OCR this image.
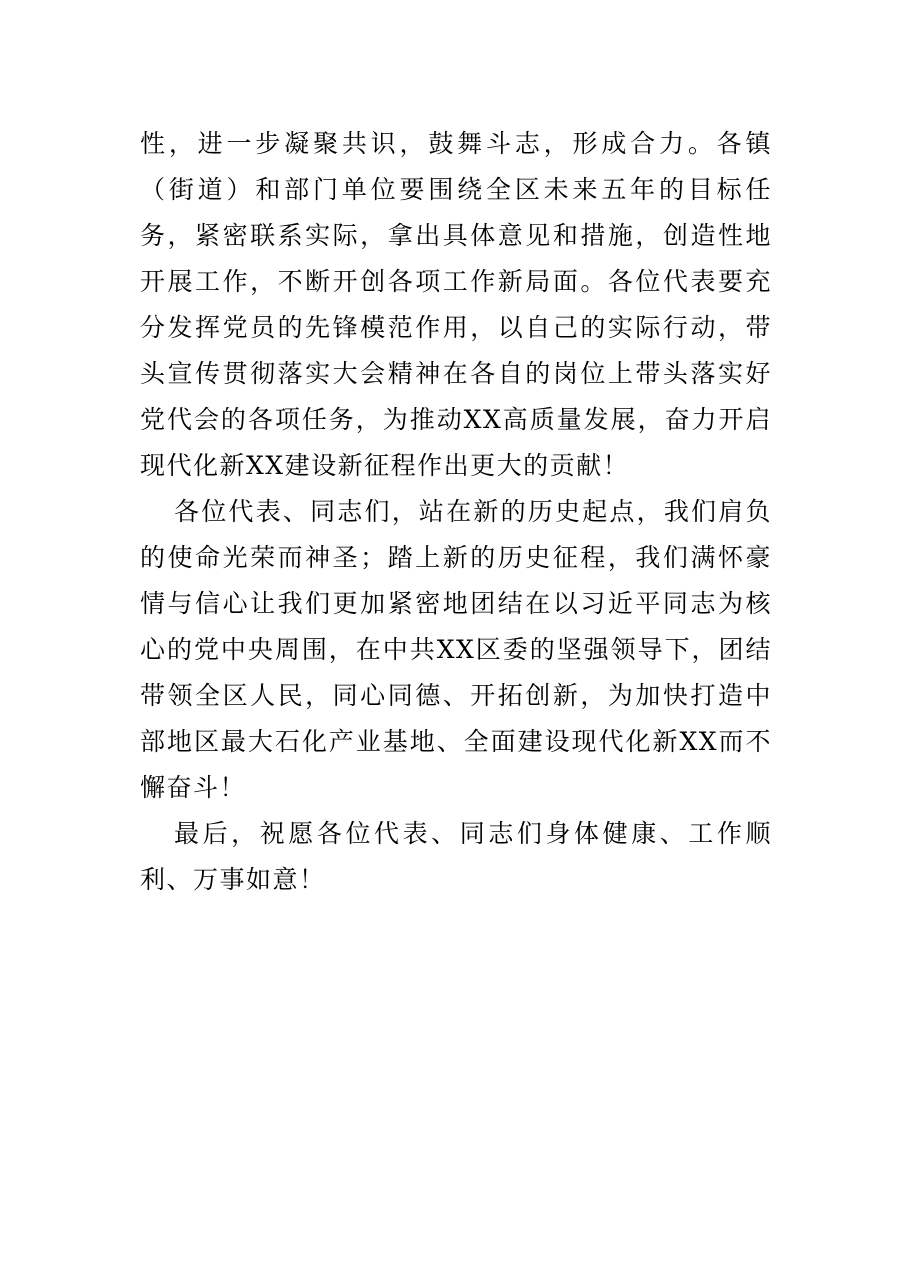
性，进一步凝聚共识，鼓舞斗志，形成合力。各镇（街道）和部门单位要围绕全区未来五年的目标任务，紧密联系实际，拿出具体意见和措施，创造性地开展工作，不断开创各项工作新局面。各位代表要充分发挥党员的先锋模范作用，以自己的实际行动，带头宣传贯彻落实大会精神在各自的岗位上带头落实好党代会的各项任务，为推动XX高质量发展，奋力开启现代化新XX建设新征程作出更大的贡献！

各位代表、同志们，站在新的历史起点，我们肩负的使命光荣而神圣；踏上新的历史征程，我们满怀豪情与信心让我们更加紧密地团结在以习近平同志为核心的党中央周围，在中共XX区委的坚强领导下，团结带领全区人民，同心同德、开拓创新，为加快打造中部地区最大石化产业基地、全面建设现代化新XX而不懈奋斗！

最后，祝愿各位代表、同志们身体健康、工作顺利、万事如意！
